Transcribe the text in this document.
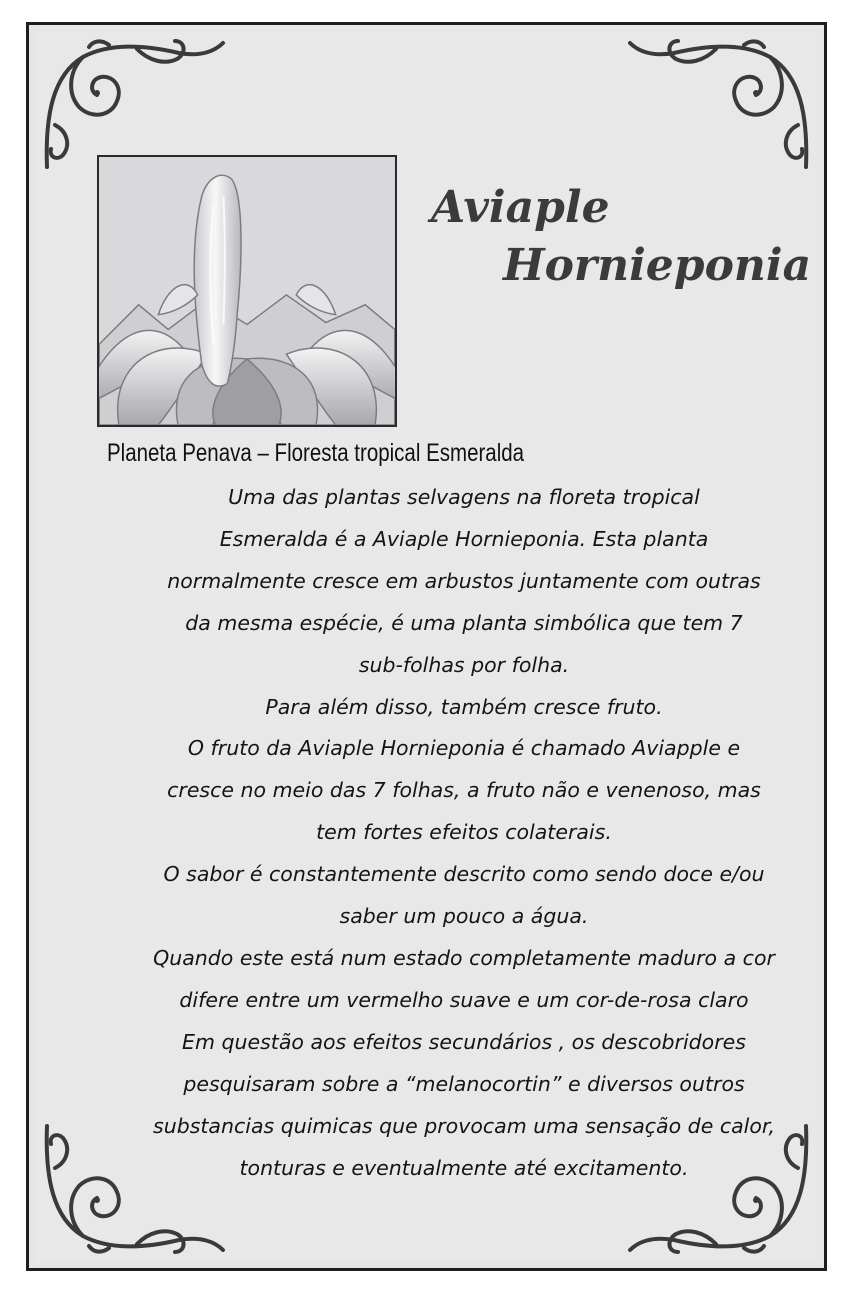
Aviaple
Hornieponia
Planeta Penava – Floresta tropical Esmeralda
Uma das plantas selvagens na floreta tropical
Esmeralda é a Aviaple Hornieponia. Esta planta
normalmente cresce em arbustos juntamente com outras
da mesma espécie, é uma planta simbólica que tem 7
sub-folhas por folha.
Para além disso, também cresce fruto.
O fruto da Aviaple Hornieponia é chamado Aviapple e
cresce no meio das 7 folhas, a fruto não e venenoso, mas
tem fortes efeitos colaterais.
O sabor é constantemente descrito como sendo doce e/ou
saber um pouco a água.
Quando este está num estado completamente maduro a cor
difere entre um vermelho suave e um cor-de-rosa claro
Em questão aos efeitos secundários , os descobridores
pesquisaram sobre a “melanocortin” e diversos outros
substancias quimicas que provocam uma sensação de calor,
tonturas e eventualmente até excitamento.
